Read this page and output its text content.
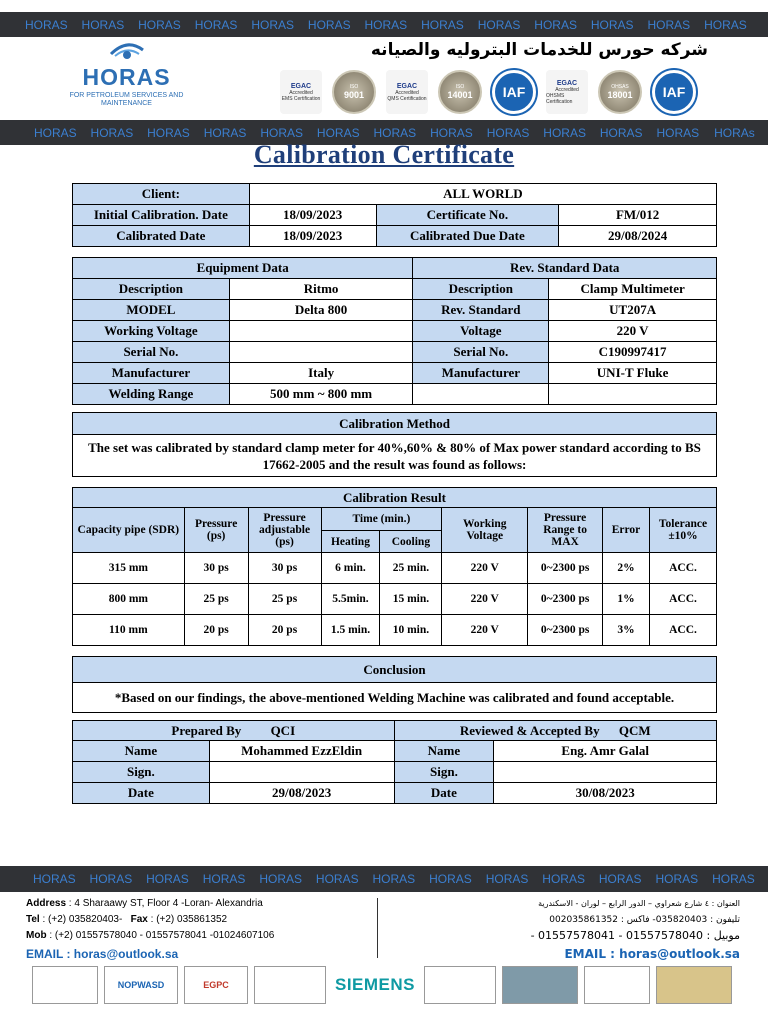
HORAS	HORAS	HORAS	HORAS	HORAS	HORAS	HORAS	HORAS	HORAS	HORAS	HORAS	HORAS	HORAS
HORAS
FOR PETROLEUM SERVICES AND MAINTENANCE
شركه حورس للخدمات البتروليه والصيانه
EGAC
Accredited
EMS Certification
ISO
9001
EGAC
Accredited
QMS Certification
ISO
14001 IAF
EGAC
Accredited
OHSMS Certification
OHSAS
18001 IAF
HORAS	HORAS	HORAS	HORAS	HORAS	HORAS	HORAS	HORAS	HORAS	HORAS	HORAS	HORAS	HORAs
Calibration Certificate
Client:	ALL WORLD		
Initial Calibration. Date	18/09/2023	Certificate No.	FM/012
Calibrated Date	18/09/2023	Calibrated Due Date	29/08/2024
Equipment Data		Rev. Standard Data	
Description	Ritmo	Description	Clamp Multimeter
MODEL	Delta 800	Rev. Standard	UT207A
Working Voltage		Voltage	220 V
Serial No.		Serial No.	C190997417
Manufacturer	Italy	Manufacturer	UNI-T Fluke
Welding Range	500 mm ~ 800 mm		
Calibration Method
The set was calibrated by standard clamp meter for 40%,60% & 80% of Max power standard according to BS 17662-2005 and the result was found as follows:
Calibration Result								
Capacity pipe (SDR)	Pressure (ps)	Pressure adjustable (ps)	Time (min.)		Working Voltage	Pressure Range to MAX	Error	Tolerance ±10%
			Heating	Cooling				
315 mm	30 ps	30 ps	6 min.	25 min.	220 V	0~2300 ps	2%	ACC.
800 mm	25 ps	25 ps	5.5min.	15 min.	220 V	0~2300 ps	1%	ACC.
110 mm	20 ps	20 ps	1.5 min.	10 min.	220 V	0~2300 ps	3%	ACC.
Conclusion
*Based on our findings, the above-mentioned Welding Machine was calibrated and found acceptable.
Prepared By QCI		Reviewed & Accepted By QCM	
Name	Mohammed EzzEldin	Name	Eng. Amr Galal
Sign.		Sign.	
Date	29/08/2023	Date	30/08/2023
HORAS	HORAS	HORAS	HORAS	HORAS	HORAS	HORAS	HORAS	HORAS	HORAS	HORAS	HORAS	HORAS
Address : 4 Sharaawy ST, Floor 4 -Loran- Alexandria
Tel : (+2) 035820403- Fax : (+2) 035861352
Mob : (+2) 01557578040 - 01557578041 -01024607106
EMAIL : horas@outlook.sa
العنوان : ٤ شارع شعراوي – الدور الرابع – لوران - الاسكندرية
تليفون : 035820403- فاكس : 002035861352
- 01557578041 - 01557578040 : موبيل
EMAIL : horas@outlook.sa
NOPWASD	EGPC	SIEMENS
